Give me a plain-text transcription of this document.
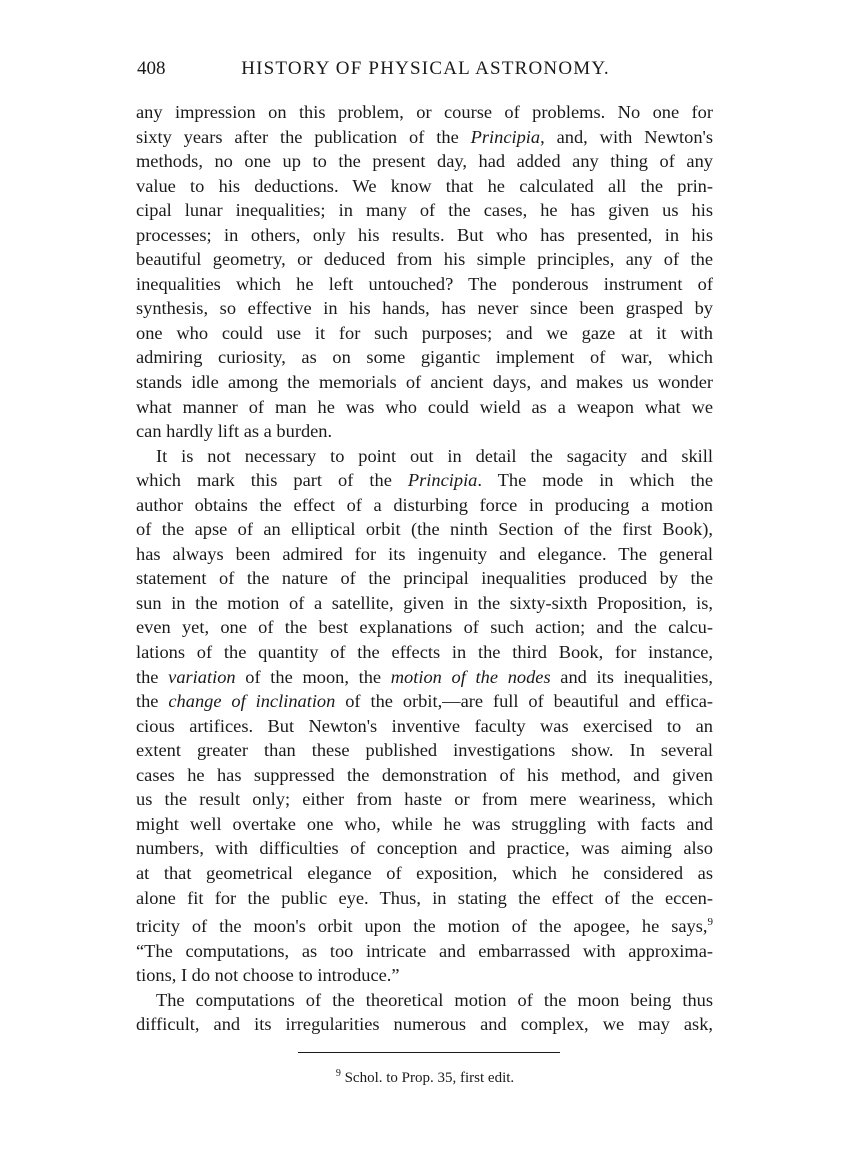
408	HISTORY OF PHYSICAL ASTRONOMY.
any impression on this problem, or course of problems. No one for
sixty years after the publication of the Principia, and, with Newton's
methods, no one up to the present day, had added any thing of any
value to his deductions. We know that he calculated all the prin-
cipal lunar inequalities; in many of the cases, he has given us his
processes; in others, only his results. But who has presented, in his
beautiful geometry, or deduced from his simple principles, any of the
inequalities which he left untouched? The ponderous instrument of
synthesis, so effective in his hands, has never since been grasped by
one who could use it for such purposes; and we gaze at it with
admiring curiosity, as on some gigantic implement of war, which
stands idle among the memorials of ancient days, and makes us wonder
what manner of man he was who could wield as a weapon what we
can hardly lift as a burden.
It is not necessary to point out in detail the sagacity and skill
which mark this part of the Principia. The mode in which the
author obtains the effect of a disturbing force in producing a motion
of the apse of an elliptical orbit (the ninth Section of the first Book),
has always been admired for its ingenuity and elegance. The general
statement of the nature of the principal inequalities produced by the
sun in the motion of a satellite, given in the sixty-sixth Proposition, is,
even yet, one of the best explanations of such action; and the calcu-
lations of the quantity of the effects in the third Book, for instance,
the variation of the moon, the motion of the nodes and its inequalities,
the change of inclination of the orbit,—are full of beautiful and effica-
cious artifices. But Newton's inventive faculty was exercised to an
extent greater than these published investigations show. In several
cases he has suppressed the demonstration of his method, and given
us the result only; either from haste or from mere weariness, which
might well overtake one who, while he was struggling with facts and
numbers, with difficulties of conception and practice, was aiming also
at that geometrical elegance of exposition, which he considered as
alone fit for the public eye. Thus, in stating the effect of the eccen-
tricity of the moon's orbit upon the motion of the apogee, he says,$^9$
“The computations, as too intricate and embarrassed with approxima-
tions, I do not choose to introduce.”
The computations of the theoretical motion of the moon being thus
difficult, and its irregularities numerous and complex, we may ask,
$^9$ Schol. to Prop. 35, first edit.
